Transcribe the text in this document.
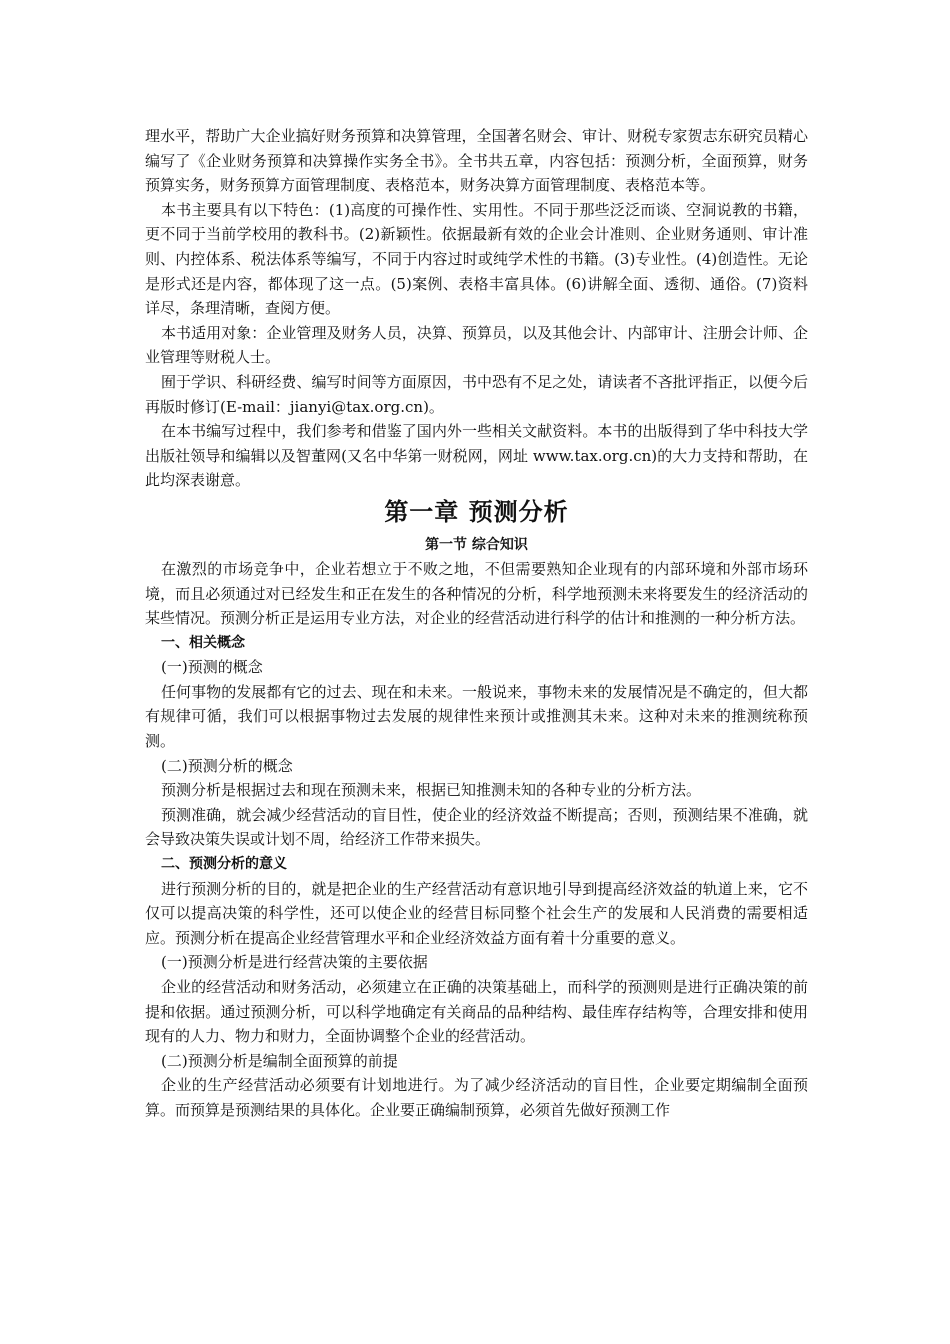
理水平，帮助广大企业搞好财务预算和决算管理，全国著名财会、审计、财税专家贺志东研究员精心编写了《企业财务预算和决算操作实务全书》。全书共五章，内容包括：预测分析，全面预算，财务预算实务，财务预算方面管理制度、表格范本，财务决算方面管理制度、表格范本等。

本书主要具有以下特色：(1)高度的可操作性、实用性。不同于那些泛泛而谈、空洞说教的书籍，更不同于当前学校用的教科书。(2)新颖性。依据最新有效的企业会计准则、企业财务通则、审计准则、内控体系、税法体系等编写，不同于内容过时或纯学术性的书籍。(3)专业性。(4)创造性。无论是形式还是内容，都体现了这一点。(5)案例、表格丰富具体。(6)讲解全面、透彻、通俗。(7)资料详尽，条理清晰，查阅方便。

本书适用对象：企业管理及财务人员，决算、预算员，以及其他会计、内部审计、注册会计师、企业管理等财税人士。

囿于学识、科研经费、编写时间等方面原因，书中恐有不足之处，请读者不吝批评指正，以便今后再版时修订(E-mail：jianyi@tax.org.cn)。

在本书编写过程中，我们参考和借鉴了国内外一些相关文献资料。本书的出版得到了华中科技大学出版社领导和编辑以及智董网(又名中华第一财税网，网址 www.tax.org.cn)的大力支持和帮助，在此均深表谢意。

第一章 预测分析
第一节 综合知识

在激烈的市场竞争中，企业若想立于不败之地，不但需要熟知企业现有的内部环境和外部市场环境，而且必须通过对已经发生和正在发生的各种情况的分析，科学地预测未来将要发生的经济活动的某些情况。预测分析正是运用专业方法，对企业的经营活动进行科学的估计和推测的一种分析方法。

一、相关概念

(一)预测的概念

任何事物的发展都有它的过去、现在和未来。一般说来，事物未来的发展情况是不确定的，但大都有规律可循，我们可以根据事物过去发展的规律性来预计或推测其未来。这种对未来的推测统称预测。

(二)预测分析的概念

预测分析是根据过去和现在预测未来，根据已知推测未知的各种专业的分析方法。

预测准确，就会减少经营活动的盲目性，使企业的经济效益不断提高；否则，预测结果不准确，就会导致决策失误或计划不周，给经济工作带来损失。

二、预测分析的意义

进行预测分析的目的，就是把企业的生产经营活动有意识地引导到提高经济效益的轨道上来，它不仅可以提高决策的科学性，还可以使企业的经营目标同整个社会生产的发展和人民消费的需要相适应。预测分析在提高企业经营管理水平和企业经济效益方面有着十分重要的意义。

(一)预测分析是进行经营决策的主要依据

企业的经营活动和财务活动，必须建立在正确的决策基础上，而科学的预测则是进行正确决策的前提和依据。通过预测分析，可以科学地确定有关商品的品种结构、最佳库存结构等，合理安排和使用现有的人力、物力和财力，全面协调整个企业的经营活动。

(二)预测分析是编制全面预算的前提

企业的生产经营活动必须要有计划地进行。为了减少经济活动的盲目性，企业要定期编制全面预算。而预算是预测结果的具体化。企业要正确编制预算，必须首先做好预测工作
